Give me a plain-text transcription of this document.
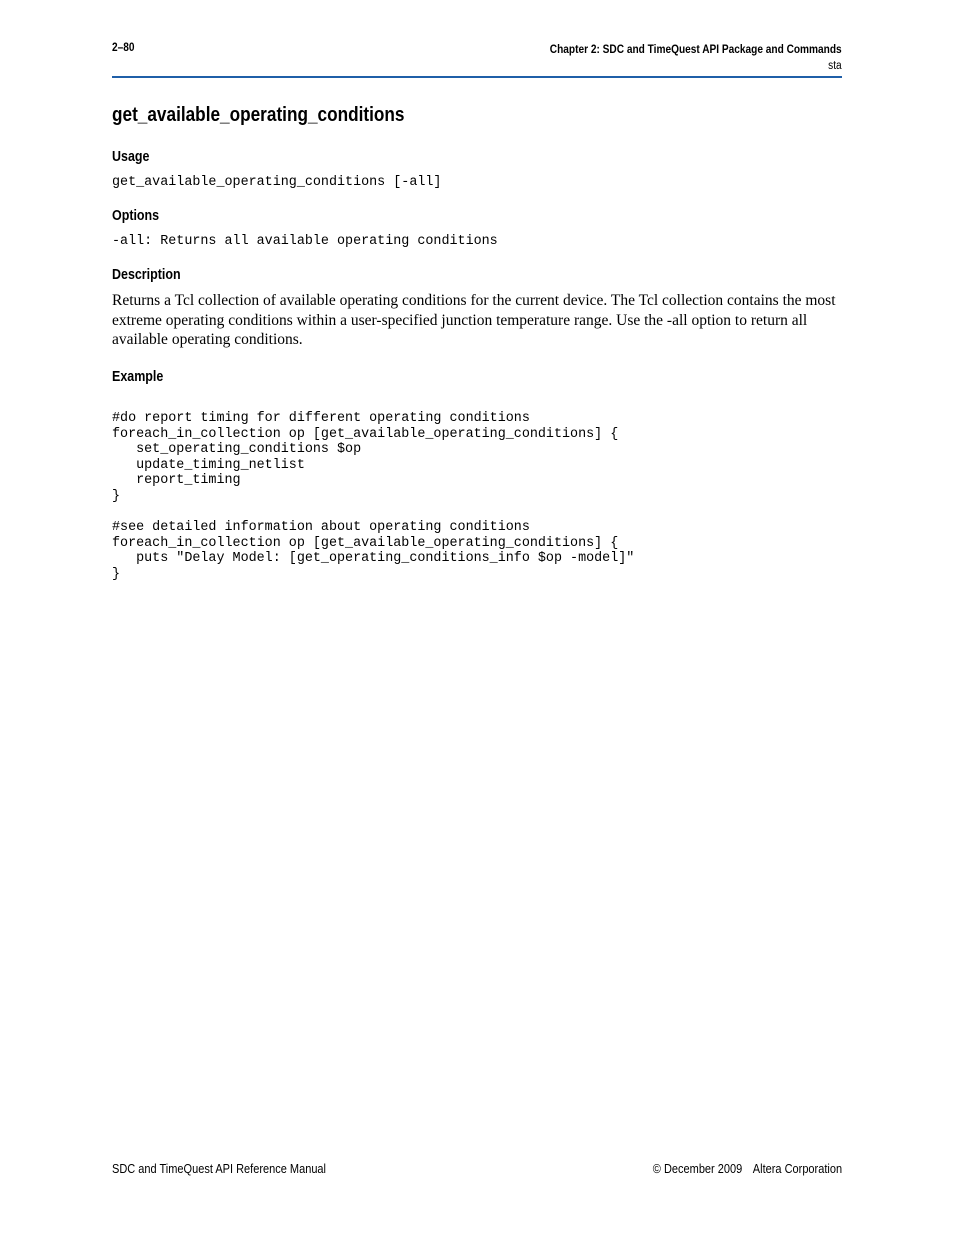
2–80	Chapter 2: SDC and TimeQuest API Package and Commands
sta
get_available_operating_conditions
Usage
get_available_operating_conditions [-all]
Options
-all: Returns all available operating conditions
Description

Returns a Tcl collection of available operating conditions for the current device. The Tcl collection contains the most extreme operating conditions within a user-specified junction temperature range. Use the -all option to return all available operating conditions.

Example
#do report timing for different operating conditions
foreach_in_collection op [get_available_operating_conditions] {
set_operating_conditions $op
update_timing_netlist
report_timing
}

#see detailed information about operating conditions
foreach_in_collection op [get_available_operating_conditions] {
puts "Delay Model: [get_operating_conditions_info $op -model]"
}
SDC and TimeQuest API Reference Manual	© December 2009 Altera Corporation
